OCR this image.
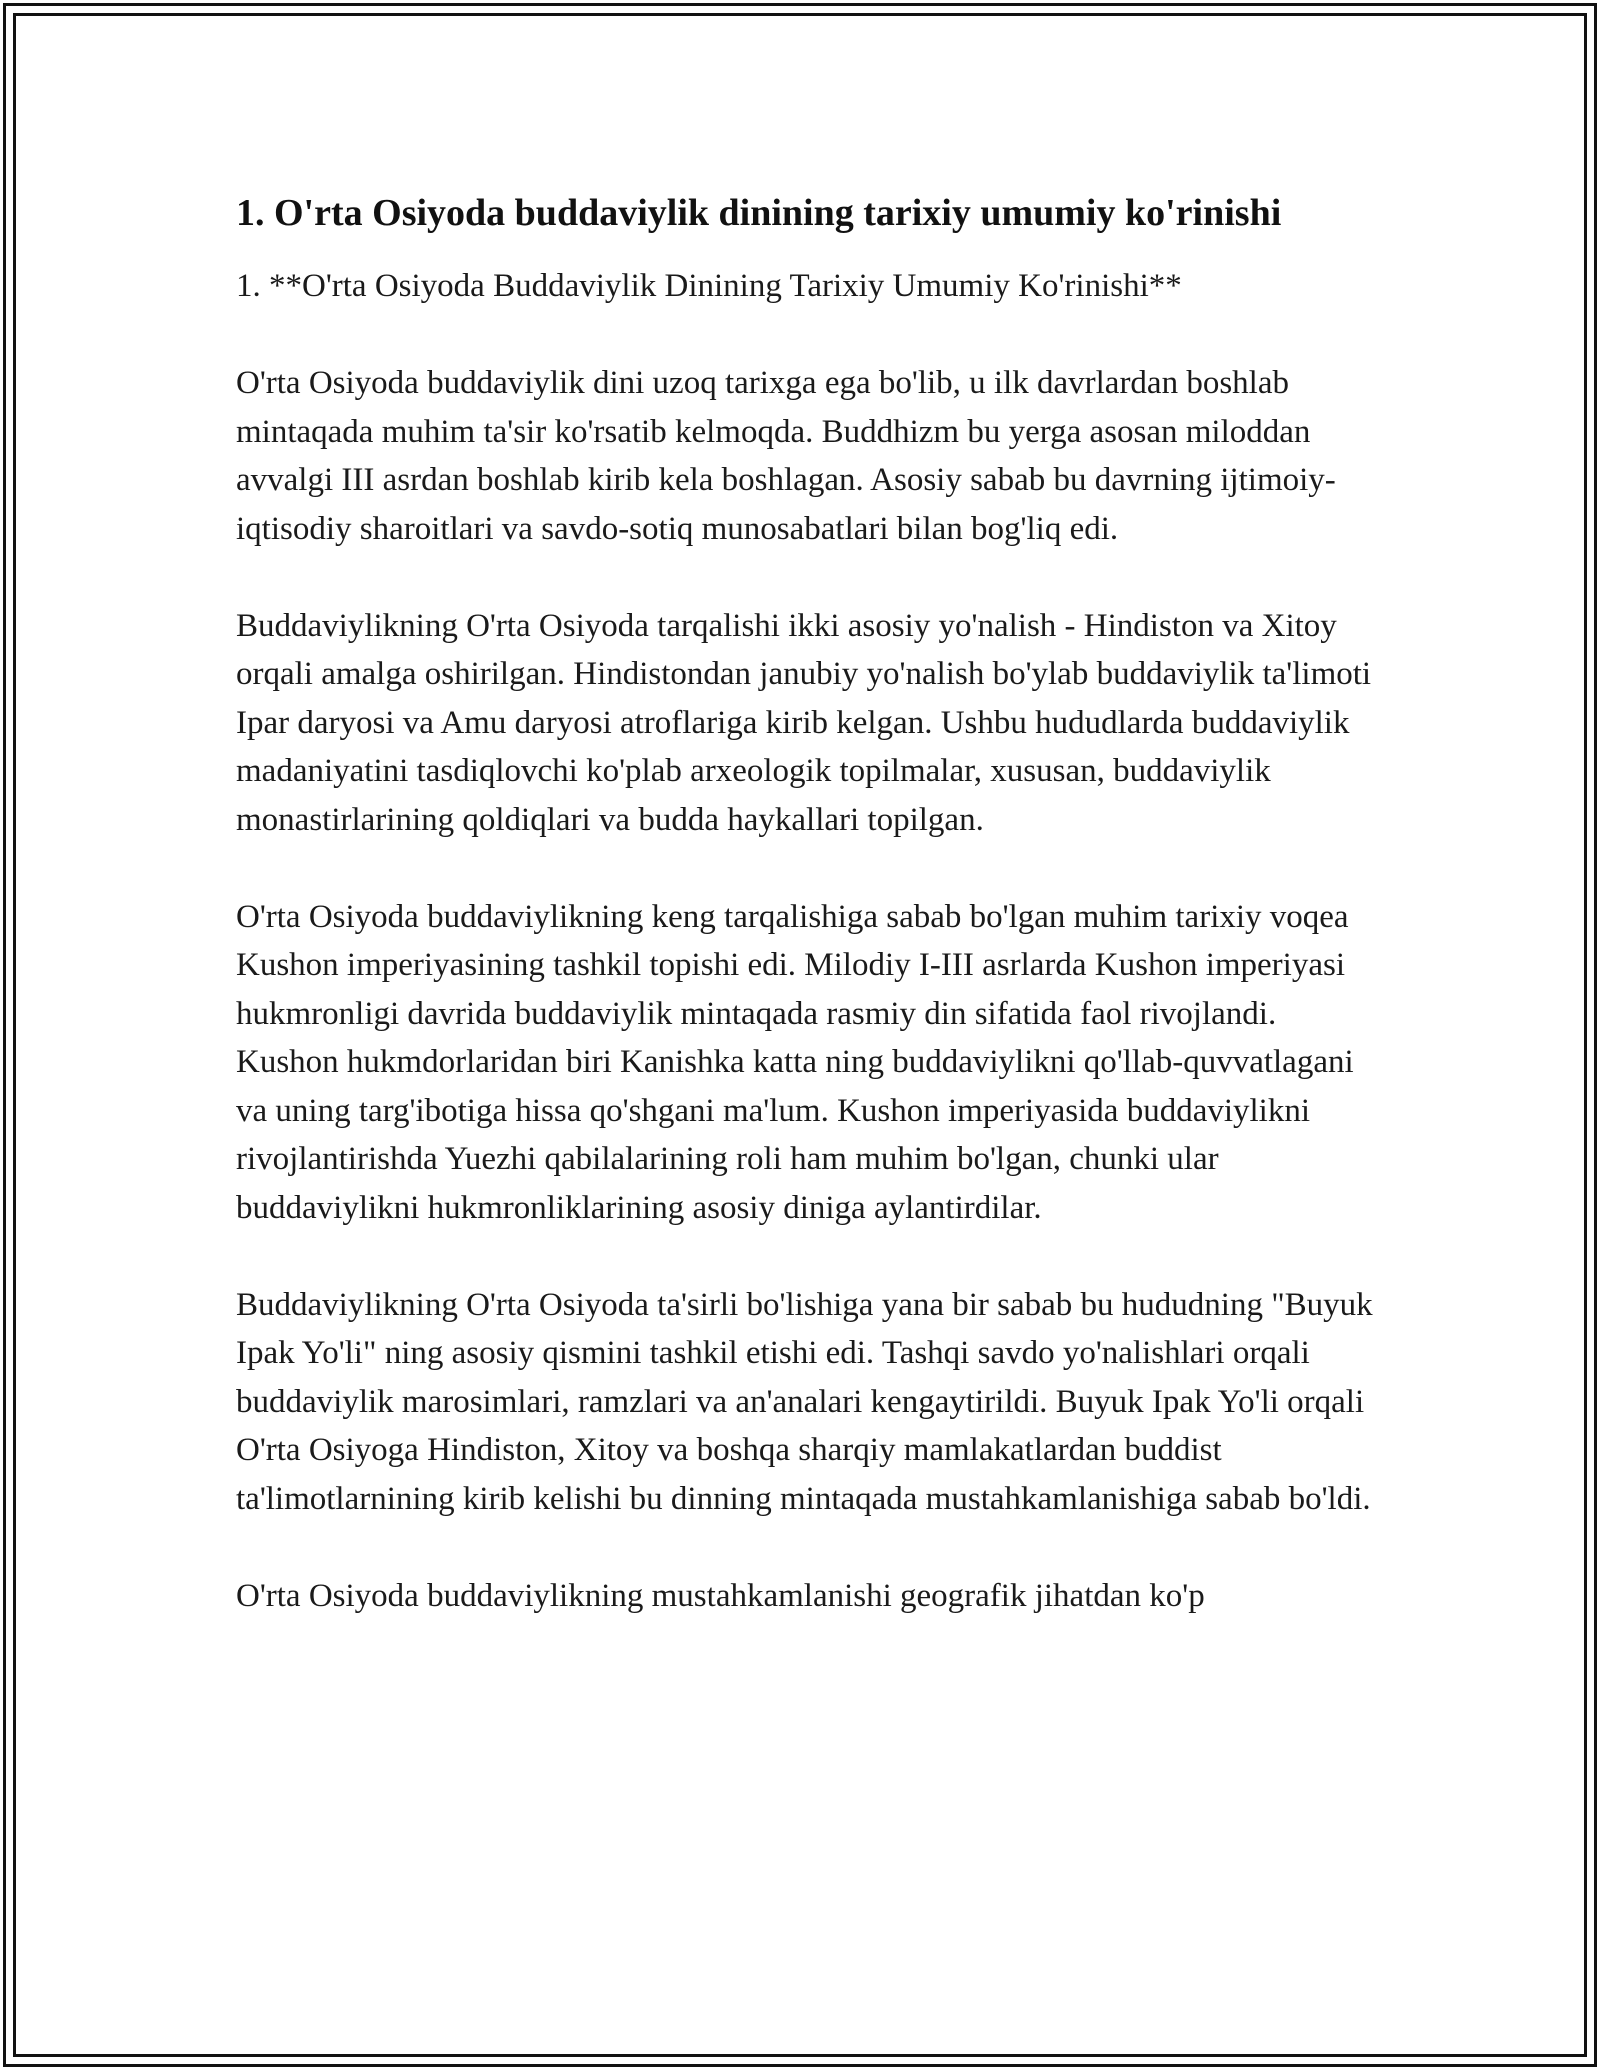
1. O'rta Osiyoda buddaviylik dinining tarixiy umumiy ko'rinishi

1. **O'rta Osiyoda Buddaviylik Dinining Tarixiy Umumiy Ko'rinishi**

O'rta Osiyoda buddaviylik dini uzoq tarixga ega bo'lib, u ilk davrlardan boshlab mintaqada muhim ta'sir ko'rsatib kelmoqda. Buddhizm bu yerga asosan miloddan avvalgi III asrdan boshlab kirib kela boshlagan. Asosiy sabab bu davrning ijtimoiy-iqtisodiy sharoitlari va savdo-sotiq munosabatlari bilan bog'liq edi.

Buddaviylikning O'rta Osiyoda tarqalishi ikki asosiy yo'nalish - Hindiston va Xitoy orqali amalga oshirilgan. Hindistondan janubiy yo'nalish bo'ylab buddaviylik ta'limoti Ipar daryosi va Amu daryosi atroflariga kirib kelgan. Ushbu hududlarda buddaviylik madaniyatini tasdiqlovchi ko'plab arxeologik topilmalar, xususan, buddaviylik monastirlarining qoldiqlari va budda haykallari topilgan.

O'rta Osiyoda buddaviylikning keng tarqalishiga sabab bo'lgan muhim tarixiy voqea Kushon imperiyasining tashkil topishi edi. Milodiy I-III asrlarda Kushon imperiyasi hukmronligi davrida buddaviylik mintaqada rasmiy din sifatida faol rivojlandi. Kushon hukmdorlaridan biri Kanishka katta ning buddaviylikni qo'llab-quvvatlagani va uning targ'ibotiga hissa qo'shgani ma'lum. Kushon imperiyasida buddaviylikni rivojlantirishda Yuezhi qabilalarining roli ham muhim bo'lgan, chunki ular buddaviylikni hukmronliklarining asosiy diniga aylantirdilar.

Buddaviylikning O'rta Osiyoda ta'sirli bo'lishiga yana bir sabab bu hududning "Buyuk Ipak Yo'li" ning asosiy qismini tashkil etishi edi. Tashqi savdo yo'nalishlari orqali buddaviylik marosimlari, ramzlari va an'analari kengaytirildi. Buyuk Ipak Yo'li orqali O'rta Osiyoga Hindiston, Xitoy va boshqa sharqiy mamlakatlardan buddist ta'limotlarnining kirib kelishi bu dinning mintaqada mustahkamlanishiga sabab bo'ldi.

O'rta Osiyoda buddaviylikning mustahkamlanishi geografik jihatdan ko'p
